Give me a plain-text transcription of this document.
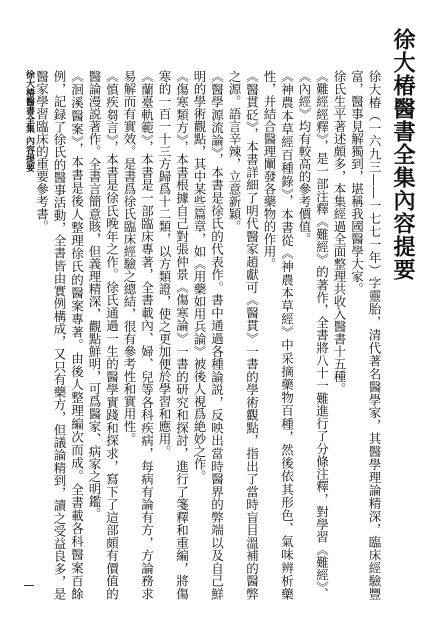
徐大椿醫書全集內容提要

徐大椿（一六九三——一七七一年）字靈胎，清代著名醫學家，其醫學理論精深，臨床經驗豐富，醫事見解獨到，堪稱我國醫學大家。

徐氏生平著述頗多，本集經過全面整理共收入醫書十五種。

《難經經釋》，是一部注釋《難經》的著作，全書將八十一難進行了分條注釋，對學習《難經》、《內經》均有較高的參考價值。

《神農本草經百種錄》，本書從《神農本草經》中采摘藥物百種，然後依其形色、氣味辨析藥性，并結合醫理闡發各藥物的作用。

《醫貫砭》，本書詳細了明代醫家趙獻可《醫貫》一書的學術觀點，指出了當時盲目溫補的醫弊之源。語言辛辣，立意新穎。

《醫學源流論》，本書是徐氏的代表作。書中通過各種論説，反映出當時醫界的弊端以及自己鮮明的學術觀點，其中某些篇章，如《用藥如用兵論》被後人視爲絶妙之作。

《傷寒類方》，本書根據自己對張仲景《傷寒論》一書的研究和探討，進行了箋釋和重編，將傷寒的一百一十三方歸爲十二類，以方類證，使之更加便於學習和應用。

《蘭臺軌範》，本書是一部臨床專著，全書載內、婦、兒等各科疾病，每病有論有方，方論務求易解而有實效。是書爲徐氏臨床經驗之總結，很有參考性和實用性。

《慎疾芻言》，本書是徐氏晚年之作。徐氏通過一生的醫學實踐和探求，寫下了這部頗有價值的醫論漫説著作。全書言簡意賅，但義理精深，觀點鮮明，可爲醫家、病家之明鑑。

《洄溪醫案》，本書是後人整理徐氏的醫案專著。由後人整理編次而成。全書載各科醫案百餘例，記録了徐氏的醫事活動，全書皆由實例構成，又只有藥方，但議論精到，讀之受益良多，是醫家學習臨床的重要參考書。

徐大椿醫書全集 內容提要
